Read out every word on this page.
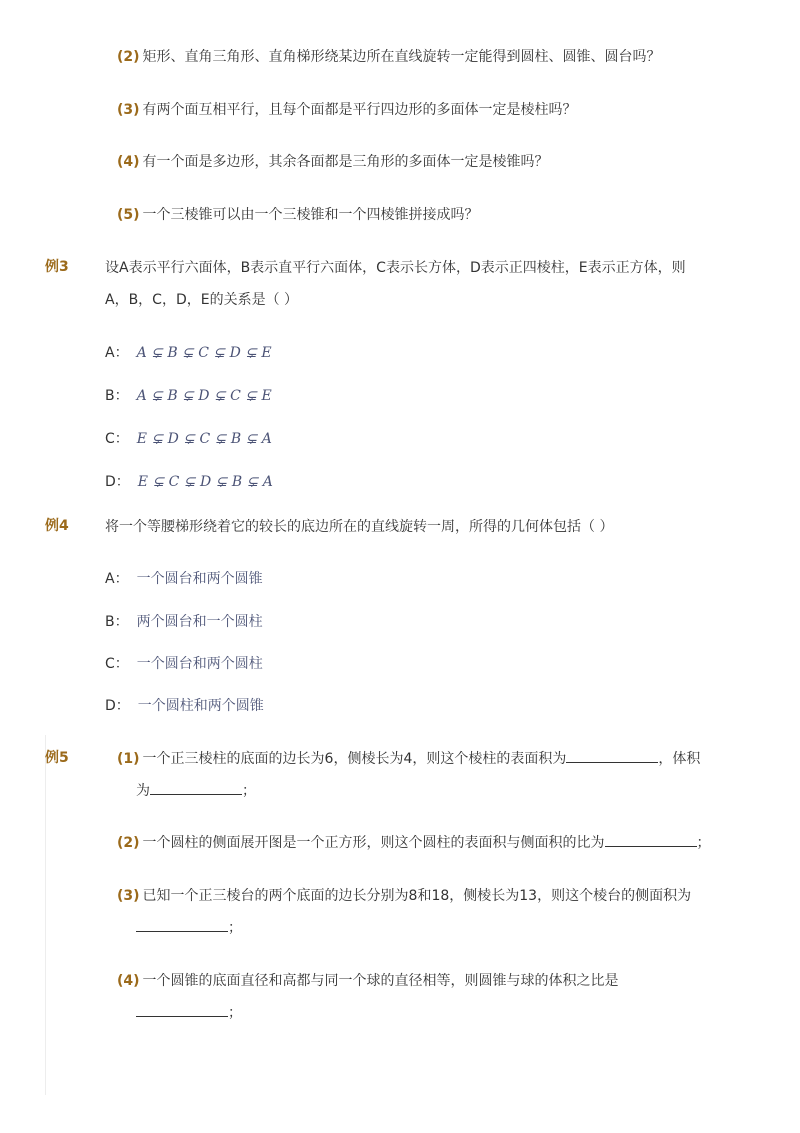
(2) 矩形、直角三角形、直角梯形绕某边所在直线旋转一定能得到圆柱、圆锥、圆台吗？
(3) 有两个面互相平行，且每个面都是平行四边形的多面体一定是棱柱吗？
(4) 有一个面是多边形，其余各面都是三角形的多面体一定是棱锥吗？
(5) 一个三棱锥可以由一个三棱锥和一个四棱锥拼接成吗？
例3	设A表示平行六面体，B表示直平行六面体，C表示长方体，D表示正四棱柱，E表示正方体，则
A，B，C，D，E的关系是（ ）
A： A ⊊ B ⊊ C ⊊ D ⊊ E
B： A ⊊ B ⊊ D ⊊ C ⊊ E
C： E ⊊ D ⊊ C ⊊ B ⊊ A
D： E ⊊ C ⊊ D ⊊ B ⊊ A
例4	将一个等腰梯形绕着它的较长的底边所在的直线旋转一周，所得的几何体包括（ ）
A： 一个圆台和两个圆锥
B： 两个圆台和一个圆柱
C： 一个圆台和两个圆柱
D： 一个圆柱和两个圆锥
例5	(1) 一个正三棱柱的底面的边长为6，侧棱长为4，则这个棱柱的表面积为	，体积
为	；
(2) 一个圆柱的侧面展开图是一个正方形，则这个圆柱的表面积与侧面积的比为	；
(3) 已知一个正三棱台的两个底面的边长分别为8和18，侧棱长为13，则这个棱台的侧面积为
；
(4) 一个圆锥的底面直径和高都与同一个球的直径相等，则圆锥与球的体积之比是
；
